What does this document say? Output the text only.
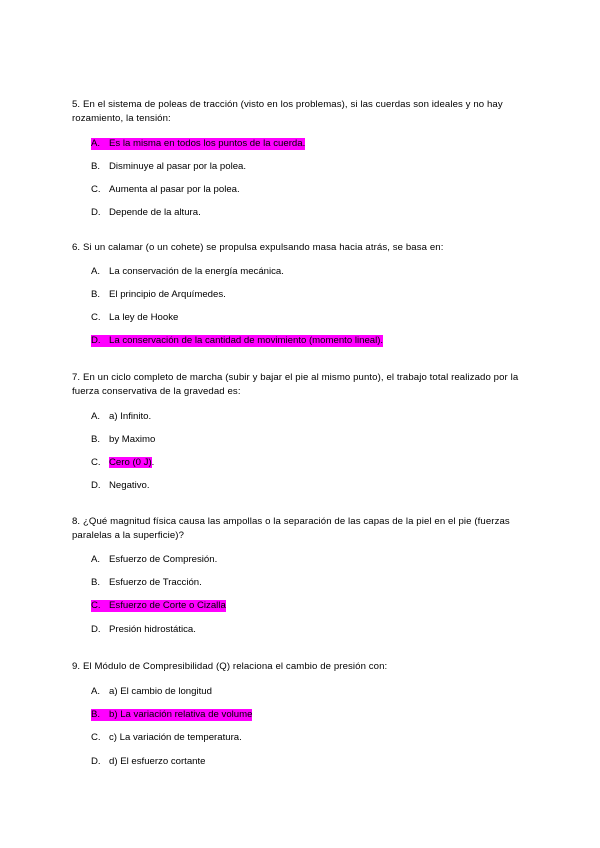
5. En el sistema de poleas de tracción (visto en los problemas), si las cuerdas son ideales y no hay rozamiento, la tensión:

A. Es la misma en todos los puntos de la cuerda.
B. Disminuye al pasar por la polea.
C. Aumenta al pasar por la polea.
D. Depende de la altura.

6. Si un calamar (o un cohete) se propulsa expulsando masa hacia atrás, se basa en:

A. La conservación de la energía mecánica.
B. El principio de Arquímedes.
C. La ley de Hooke
D. La conservación de la cantidad de movimiento (momento lineal).

7. En un ciclo completo de marcha (subir y bajar el pie al mismo punto), el trabajo total realizado por la fuerza conservativa de la gravedad es:

A. a) Infinito.
B. by Maximo
C. Cero (0 J).
D. Negativo.

8. ¿Qué magnitud física causa las ampollas o la separación de las capas de la piel en el pie (fuerzas paralelas a la superficie)?

A. Esfuerzo de Compresión.
B. Esfuerzo de Tracción.
C. Esfuerzo de Corte o Cizalla
D. Presión hidrostática.

9. El Módulo de Compresibilidad (Q) relaciona el cambio de presión con:

A. a) El cambio de longitud
B. b) La variación relativa de volume
C. c) La variación de temperatura.
D. d) El esfuerzo cortante
